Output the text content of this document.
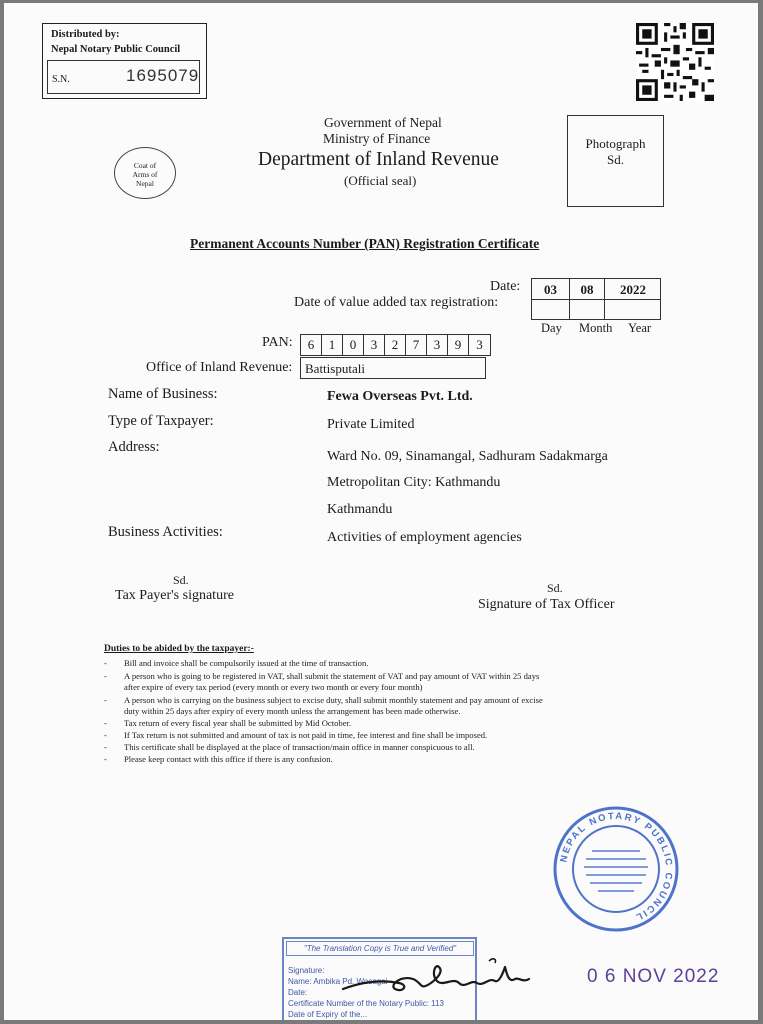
Distributed by:
Nepal Notary Public Council
S.N.	1695079
Coat of
Arms of
Nepal
Government of Nepal
Ministry of Finance
Department of Inland Revenue
(Official seal)
Photograph
Sd.
Permanent Accounts Number (PAN) Registration Certificate
Date:
Date of value added tax registration:
03	08	2022
Day Month Year
PAN:	6	1	0	3	2	7	3	9	3
Office of Inland Revenue: Battisputali
Name of Business:	Fewa Overseas Pvt. Ltd.
Type of Taxpayer:	Private Limited
Address:
Ward No. 09, Sinamangal, Sadhuram Sadakmarga
Metropolitan City: Kathmandu
Kathmandu
Business Activities:	Activities of employment agencies
Sd.
Tax Payer's signature	Sd.
Signature of Tax Officer
Duties to be abided by the taxpayer:-
- Bill and invoice shall be compulsorily issued at the time of transaction.
- A person who is going to be registered in VAT, shall submit the statement of VAT and pay amount of VAT within 25 days
after expire of every tax period (every month or every two month or every four month)
- A person who is carrying on the business subject to excise duty, shall submit monthly statement and pay amount of excise
duty within 25 days after expiry of every month unless the arrangement has been made otherwise.
- Tax return of every fiscal year shall be submitted by Mid October.
- If Tax return is not submitted and amount of tax is not paid in time, fee interest and fine shall be imposed.
- This certificate shall be displayed at the place of transaction/main office in manner conspicuous to all.
- Please keep contact with this office if there is any confusion.
NEPAL NOTARY PUBLIC COUNCIL
"The Translation Copy is True and Verified"
Signature:
Name: Ambika Pd. Wosagai
Date:
Certificate Number of the Notary Public: 113
Date of Expiry of the...
0 6 NOV 2022
